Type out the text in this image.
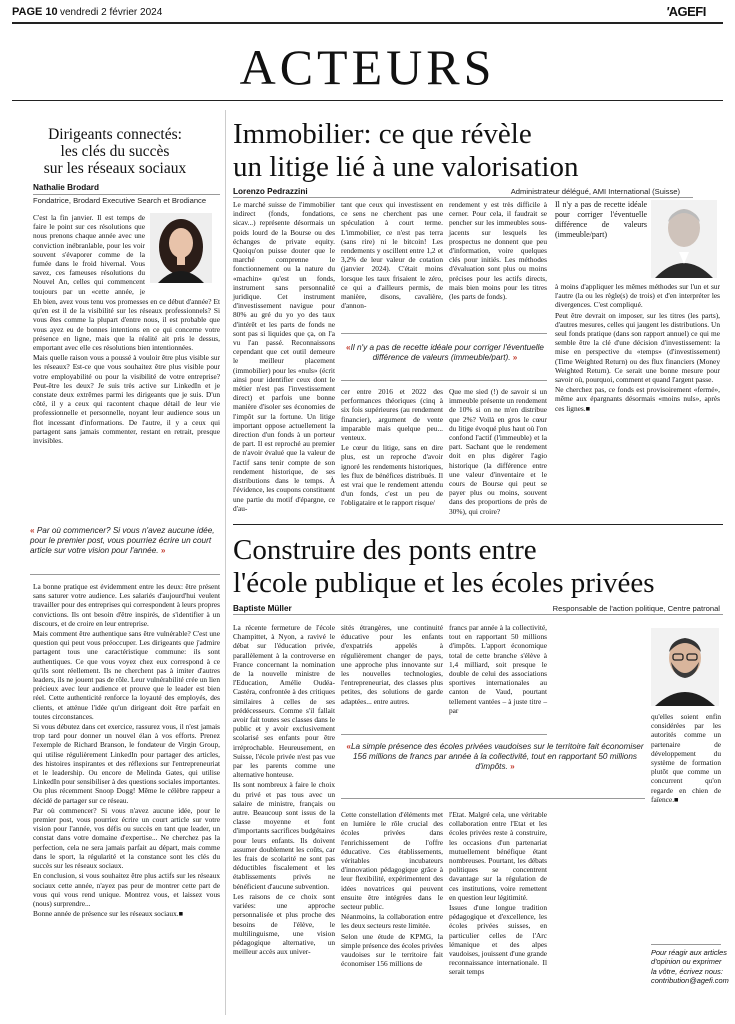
PAGE 10 vendredi 2 février 2024	'AGEFI
ACTEURS
Dirigeants connectés:
les clés du succès
sur les réseaux sociaux
Nathalie Brodard
Fondatrice, Brodard Executive Search et Brodiance

C'est la fin janvier. Il est temps de faire le point sur ces résolutions que nous prenons chaque année avec une conviction inébranlable, pour les voir souvent s'évaporer comme de la fumée dans le froid hivernal. Vous savez, ces fameuses résolutions du Nouvel An, celles qui commencent toujours par un «cette année, je

Eh bien, avez vous tenu vos promesses en ce début d'année? Et qu'en est il de la visibilité sur les réseaux professionnels? Si vous êtes comme la plupart d'entre nous, il est probable que vous ayez eu de bonnes intentions en ce qui concerne votre présence en ligne, mais que la réalité ait pris le dessus, emportant avec elle ces résolutions bien intentionnées.

Mais quelle raison vous a poussé à vouloir être plus visible sur les réseaux? Est-ce que vous souhaitez être plus visible pour votre employabilité ou pour la visibilité de votre entreprise? Peut-être les deux? Je suis très active sur LinkedIn et je constate deux extrêmes parmi les dirigeants que je suis. D'un côté, il y a ceux qui racontent chaque détail de leur vie professionnelle et personnelle, noyant leur audience sous un flot incessant d'informations. De l'autre, il y a ceux qui partagent sans jamais commenter, restant en retrait, presque invisibles.

« Par où commencer? Si vous n'avez aucune idée, pour le premier post, vous pourriez écrire un court article sur votre vision pour l'année. »

La bonne pratique est évidemment entre les deux: être présent sans saturer votre audience. Les salariés d'aujourd'hui veulent travailler pour des entreprises qui correspondent à leurs propres convictions. Ils ont besoin d'être inspirés, de s'identifier à un discours, et de croire en leur entreprise.

Mais comment être authentique sans être vulnérable? C'est une question qui peut vous préoccuper. Les dirigeants que j'admire partagent tous une caractéristique commune: ils sont authentiques. Ce que vous voyez chez eux correspond à ce qu'ils sont réellement. Ils ne cherchent pas à imiter d'autres leaders, ils ne jouent pas de rôle. Leur vulnérabilité crée un lien précieux avec leur audience et prouve que le leader est bien réel. Cette authenticité renforce la loyauté des employés, des clients, et atténue l'idée qu'un dirigeant doit être parfait en toutes circonstances.

Si vous débutez dans cet exercice, rassurez vous, il n'est jamais trop tard pour donner un nouvel élan à vos efforts. Prenez l'exemple de Richard Branson, le fondateur de Virgin Group, qui utilise régulièrement LinkedIn pour partager des articles, des histoires inspirantes et des réflexions sur l'entrepreneuriat et le leadership. Ou encore de Melinda Gates, qui utilise LinkedIn pour sensibiliser à des questions sociales importantes. Ou plus récemment Snoop Dogg! Même le célèbre rappeur a décidé de partager sur ce réseau.

Par où commencer? Si vous n'avez aucune idée, pour le premier post, vous pourriez écrire un court article sur votre vision pour l'année, vos défis ou succès en tant que leader, un constat dans votre domaine d'expertise... Ne cherchez pas la perfection, cela ne sera jamais parfait au départ, mais comme dans le sport, la régularité et la constance sont les clés du succès sur les réseaux sociaux.

En conclusion, si vous souhaitez être plus actifs sur les réseaux sociaux cette année, n'ayez pas peur de montrer cette part de vous qui vous rend unique. Montrez vous, et laissez vous (nous) surprendre...

Bonne année de présence sur les réseaux sociaux.■

Immobilier: ce que révèle
un litige lié à une valorisation
Lorenzo Pedrazzini	Administrateur délégué, AMI International (Suisse)

Le marché suisse de l'immobilier indirect (fonds, fondations, sicav...) représente désormais un poids lourd de la Bourse ou des échanges de private equity. Quoiqu'on puisse douter que le marché comprenne le fonctionnement ou la nature du «machin» qu'est un fonds, instrument sans personnalité juridique. Cet instrument d'investissement navigue pour 80% au gré du yo yo des taux d'intérêt et les parts de fonds ne sont pas si liquides que ça, on l'a vu l'an passé. Reconnaissons cependant que cet outil demeure le meilleur placement (immobilier) pour les «nuls» (écrit ainsi pour identifier ceux dont le métier n'est pas l'investissement direct) et parfois une bonne manière d'isoler ses économies de l'impôt sur la fortune. Un litige important oppose actuellement la direction d'un fonds à un porteur de part. Il est reproché au premier de n'avoir évalué que la valeur de l'actif sans tenir compte de son rendement historique, de ses distributions dans le temps. À l'évidence, les coupons constituent une partie du motif d'épargne, ce d'au-

tant que ceux qui investissent en ce sens ne cherchent pas une spéculation à court terme. L'immobilier, ce n'est pas terra (sans rire) ni le bitcoin! Les rendements y oscillent entre 1,2 et 3,2% de leur valeur de cotation (janvier 2024). C'était moins lorsque les taux frisaient le zéro, ce qui a d'ailleurs permis, de manière, disons, cavalière, d'annon-

rendement y est très difficile à cerner. Pour cela, il faudrait se pencher sur les immeubles sous-jacents sur lesquels les prospectus ne donnent que peu d'information, voire quelques clés pour initiés. Les méthodes d'évaluation sont plus ou moins précises pour les actifs directs, mais bien moins pour les titres (les parts de fonds).

«Il n'y a pas de recette idéale pour corriger l'éventuelle différence de valeurs (immeuble/part). »

cer entre 2016 et 2022 des performances théoriques (cinq à six fois supérieures (au rendement financier), argument de vente imparable mais quelque peu... venteux.

Le cœur du litige, sans en dire plus, est un reproche d'avoir ignoré les rendements historiques, les flux de bénéfices distribués. Il est vrai que le rendement attendu d'un fonds, c'est un peu de l'obligataire et le rapport risque/

Que me sied (!) de savoir si un immeuble présente un rendement de 10% si on ne m'en distribue que 2%? Voilà en gros le cœur du litige évoqué plus haut où l'on confond l'actif (l'immeuble) et la part. Sachant que le rendement doit en plus digérer l'agio historique (la différence entre une valeur d'inventaire et le cours de Bourse qui peut se payer plus ou moins, souvent dans des proportions de près de 30%), qui croire?

Il n'y a pas de recette idéale pour corriger l'éventuelle différence de valeurs (immeuble/part)

à moins d'appliquer les mêmes méthodes sur l'un et sur l'autre (la ou les règle(s) de trois) et d'en interpréter les divergences. C'est compliqué.

Peut être devrait on imposer, sur les titres (les parts), d'autres mesures, celles qui jaugent les distributions. Un seul fonds pratique (dans son rapport annuel) ce qui me semble être la clé d'une décision d'investissement: la mise en perspective du «temps» (d'investissement) (Time Weighted Return) ou des flux financiers (Money Weighted Return). Ce serait une bonne mesure pour savoir où, pourquoi, comment et quand l'argent passe.

Ne cherchez pas, ce fonds est provisoirement «fermé», même aux épargnants désormais «moins nuls», après ces lignes.■

Construire des ponts entre
l'école publique et les écoles privées
Baptiste Müller	Responsable de l'action politique, Centre patronal

La récente fermeture de l'école Champittet, à Nyon, a ravivé le débat sur l'éducation privée, parallèlement à la controverse en France concernant la nomination de la nouvelle ministre de l'Education, Amélie Oudéa-Castéra, confrontée à des critiques similaires à celles de ses prédécesseurs. Comme s'il fallait avoir fait toutes ses classes dans le public et y avoir exclusivement scolarisé ses enfants pour être irréprochable. Heureusement, en Suisse, l'école privée n'est pas vue par les parents comme une alternative honteuse.

Ils sont nombreux à faire le choix du privé et pas tous avec un salaire de ministre, français ou autre. Beaucoup sont issus de la classe moyenne et font d'importants sacrifices budgétaires pour leurs enfants. Ils doivent assumer doublement les coûts, car les frais de scolarité ne sont pas déductibles fiscalement et les établissements privés ne bénéficient d'aucune subvention.

Les raisons de ce choix sont variées: une approche personnalisée et plus proche des besoins de l'élève, le multilinguisme, une vision pédagogique alternative, un meilleur accès aux univer-

sités étrangères, une continuité éducative pour les enfants d'expatriés appelés à régulièrement changer de pays, une approche plus innovante sur les nouvelles technologies, l'entrepreneuriat, des classes plus petites, des solutions de garde adaptées... entre autres.

francs par année à la collectivité, tout en rapportant 50 millions d'impôts. L'apport économique total de cette branche s'élève à 1,4 milliard, soit presque le double de celui des associations sportives internationales au canton de Vaud, pourtant tellement vantées – à juste titre – par

qu'elles soient enfin considérées par les autorités comme un partenaire de développement du système de formation plutôt que comme un concurrent qu'on regarde en chien de faïence.■

«La simple présence des écoles privées vaudoises sur le territoire fait économiser 156 millions de francs par année à la collectivité, tout en rapportant 50 millions d'impôts. »

Cette constellation d'éléments met en lumière le rôle crucial des écoles privées dans l'enrichissement de l'offre éducative. Ces établissements, véritables incubateurs d'innovation pédagogique grâce à leur flexibilité, expérimentent des idées novatrices qui peuvent ensuite être intégrées dans le secteur public.

Néanmoins, la collaboration entre les deux secteurs reste limitée.

Selon une étude de KPMG, la simple présence des écoles privées vaudoises sur le territoire fait économiser 156 millions de

l'Etat. Malgré cela, une véritable collaboration entre l'Etat et les écoles privées reste à construire, les occasions d'un partenariat mutuellement bénéfique étant nombreuses. Pourtant, les débats politiques se concentrent davantage sur la régulation de ces institutions, voire remettent en question leur légitimité.

Issues d'une longue tradition pédagogique et d'excellence, les écoles privées suisses, en particulier celles de l'Arc lémanique et des alpes vaudoises, jouissent d'une grande reconnaissance internationale. Il serait temps

Pour réagir aux articles
d'opinion ou exprimer
la vôtre, écrivez nous:
contribution@agefi.com
